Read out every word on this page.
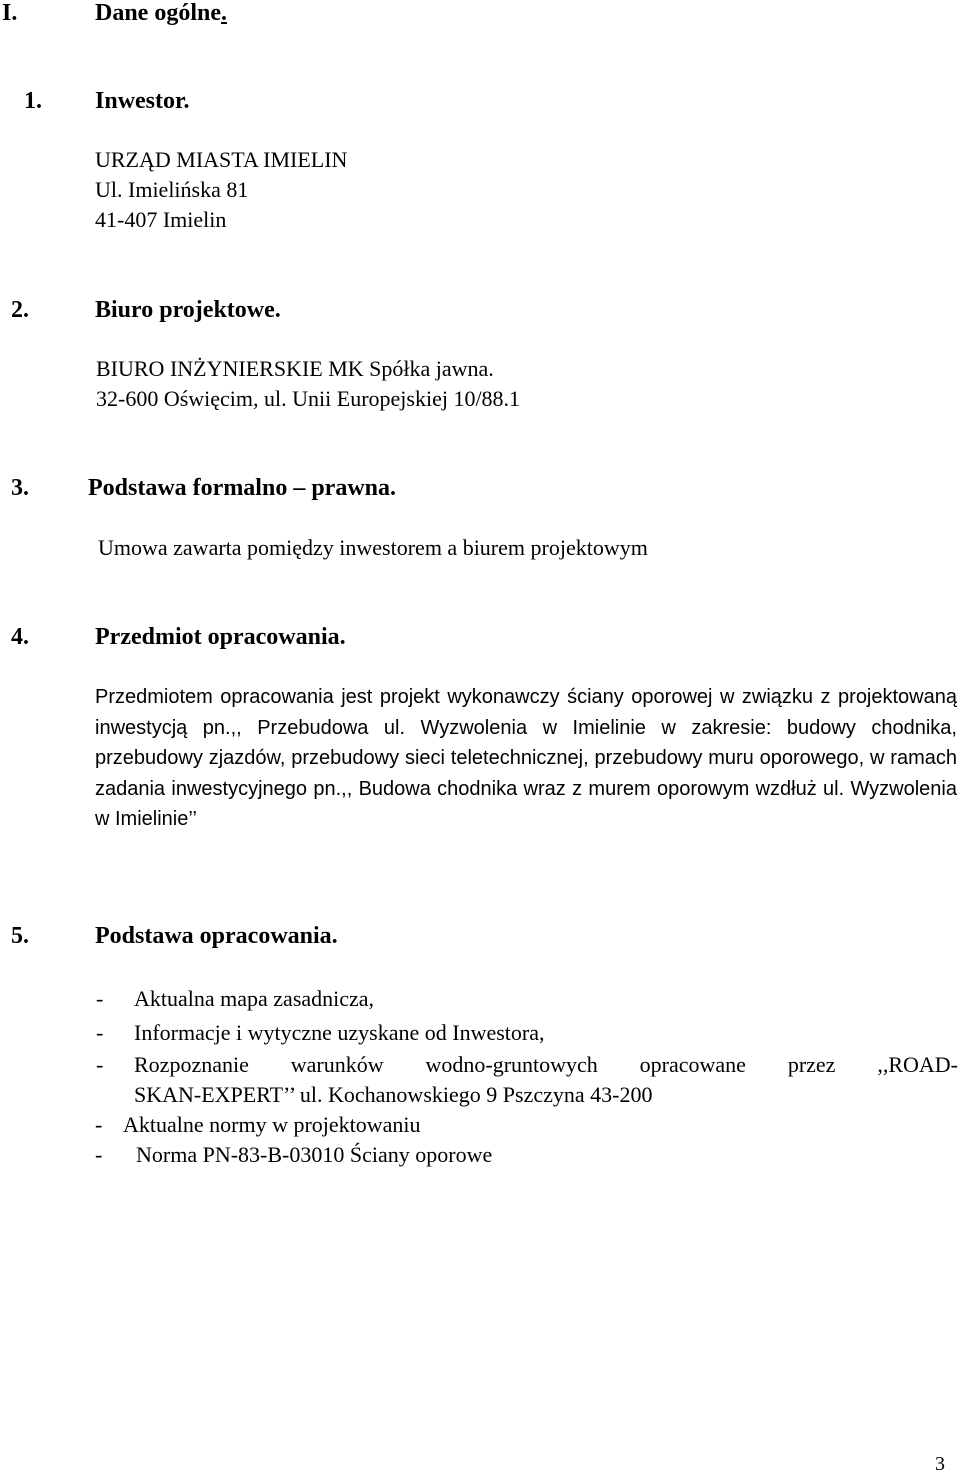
I.	Dane ogólne.
1. Inwestor.
URZĄD MIASTA IMIELIN
Ul. Imielińska 81
41-407 Imielin
2.	Biuro projektowe.
BIURO INŻYNIERSKIE MK Spółka jawna.
32-600 Oświęcim, ul. Unii Europejskiej 10/88.1
3. Podstawa formalno – prawna.
Umowa zawarta pomiędzy inwestorem a biurem projektowym
4.	Przedmiot opracowania.

Przedmiotem opracowania jest projekt wykonawczy ściany oporowej w związku z projektowaną inwestycją pn.,, Przebudowa ul. Wyzwolenia w Imielinie w zakresie: budowy chodnika, przebudowy zjazdów, przebudowy sieci teletechnicznej, przebudowy muru oporowego, w ramach zadania inwestycyjnego pn.,, Budowa chodnika wraz z murem oporowym wzdłuż ul. Wyzwolenia w Imielinie’’

5.	Podstawa opracowania.
- Aktualna mapa zasadnicza,
- Informacje i wytyczne uzyskane od Inwestora,
- Rozpoznanie warunków wodno-gruntowych opracowane przez ,,ROAD-
SKAN-EXPERT’’ ul. Kochanowskiego 9 Pszczyna 43-200
- Aktualne normy w projektowaniu
- Norma PN-83-B-03010 Ściany oporowe
3
